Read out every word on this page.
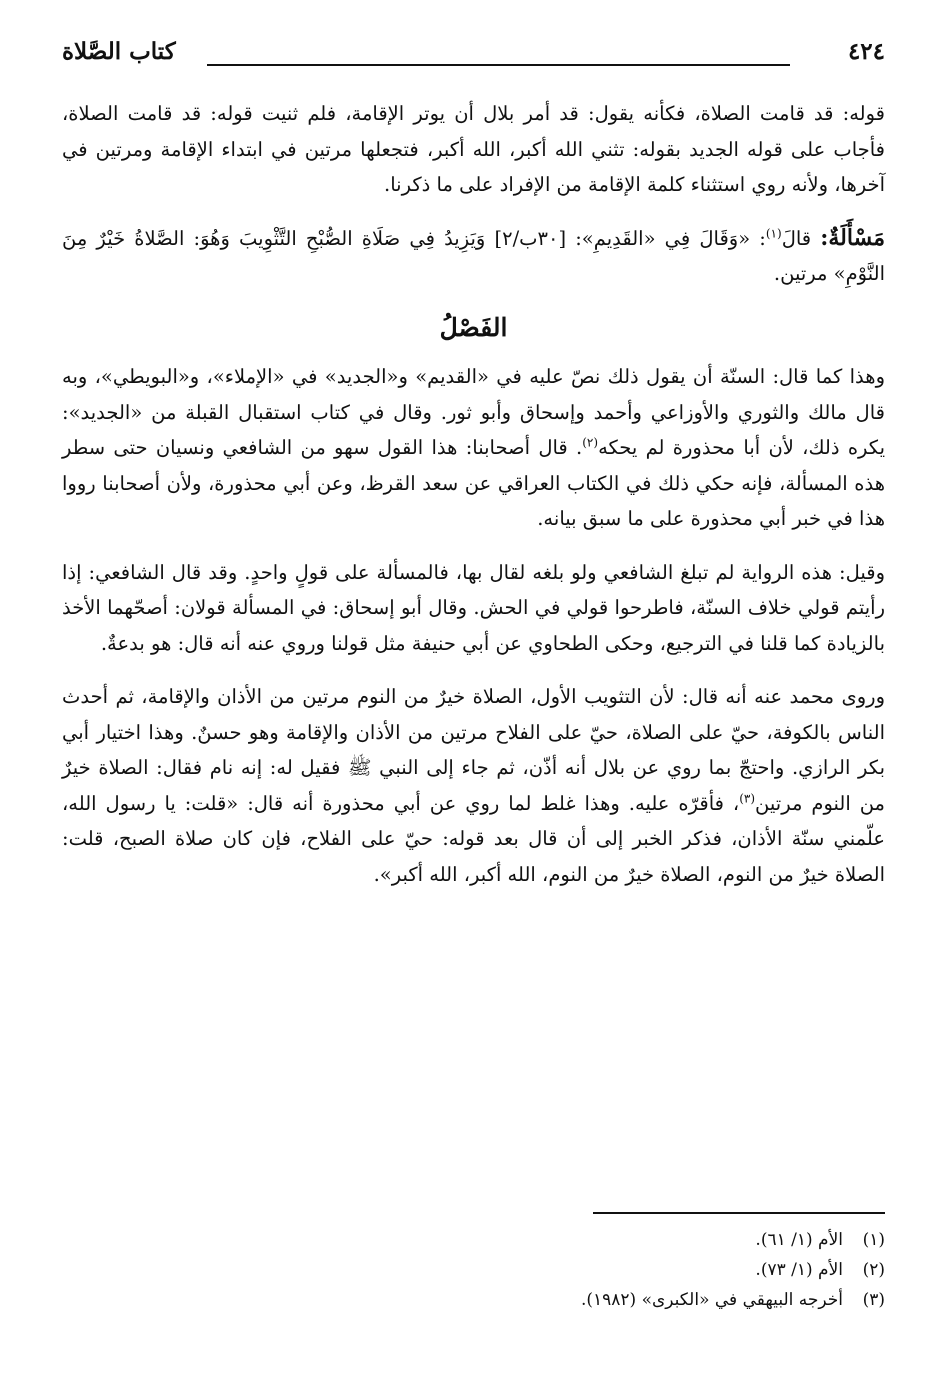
كتاب الصَّلاة	٤٢٤

قوله: قد قامت الصلاة، فكأنه يقول: قد أمر بلال أن يوتر الإقامة، فلم ثنيت قوله: قد قامت الصلاة، فأجاب على قوله الجديد بقوله: تثني الله أكبر، الله أكبر، فتجعلها مرتين في ابتداء الإقامة ومرتين في آخرها، ولأنه روي استثناء كلمة الإقامة من الإفراد على ما ذكرنا.

مَسْأَلَةٌ: قالَ$^{(١)}$: «وَقَالَ فِي «القَدِيمِ»: [٣٠ب/٢] وَيَزِيدُ فِي صَلَاةِ الصُّبْحِ التَّثْوِيبَ وَهُوَ: الصَّلاةُ خَيْرٌ مِنَ النَّوْمِ» مرتين.

الفَصْلُ

وهذا كما قال: السنّة أن يقول ذلك نصّ عليه في «القديم» و«الجديد» في «الإملاء»، و«البويطي»، وبه قال مالك والثوري والأوزاعي وأحمد وإسحاق وأبو ثور. وقال في كتاب استقبال القبلة من «الجديد»: يكره ذلك، لأن أبا محذورة لم يحكه$^{(٢)}$. قال أصحابنا: هذا القول سهو من الشافعي ونسيان حتى سطر هذه المسألة، فإنه حكي ذلك في الكتاب العراقي عن سعد القرظ، وعن أبي محذورة، ولأن أصحابنا رووا هذا في خبر أبي محذورة على ما سبق بيانه.

وقيل: هذه الرواية لم تبلغ الشافعي ولو بلغه لقال بها، فالمسألة على قولٍ واحدٍ. وقد قال الشافعي: إذا رأيتم قولي خلاف السنّة، فاطرحوا قولي في الحش. وقال أبو إسحاق: في المسألة قولان: أصحّهما الأخذ بالزيادة كما قلنا في الترجيع، وحكى الطحاوي عن أبي حنيفة مثل قولنا وروي عنه أنه قال: هو بدعةٌ.

وروى محمد عنه أنه قال: لأن التثويب الأول، الصلاة خيرٌ من النوم مرتين من الأذان والإقامة، ثم أحدث الناس بالكوفة، حيّ على الصلاة، حيّ على الفلاح مرتين من الأذان والإقامة وهو حسنٌ. وهذا اختيار أبي بكر الرازي. واحتجّ بما روي عن بلال أنه أذّن، ثم جاء إلى النبي ﷺ فقيل له: إنه نام فقال: الصلاة خيرٌ من النوم مرتين$^{(٣)}$، فأقرّه عليه. وهذا غلط لما روي عن أبي محذورة أنه قال: «قلت: يا رسول الله، علّمني سنّة الأذان، فذكر الخبر إلى أن قال بعد قوله: حيّ على الفلاح، فإن كان صلاة الصبح، قلت: الصلاة خيرٌ من النوم، الصلاة خيرٌ من النوم، الله أكبر، الله أكبر».

(١)
الأم (١/ ٦١).
(٢)
الأم (١/ ٧٣).
(٣)
أخرجه البيهقي في «الكبرى» (١٩٨٢).
